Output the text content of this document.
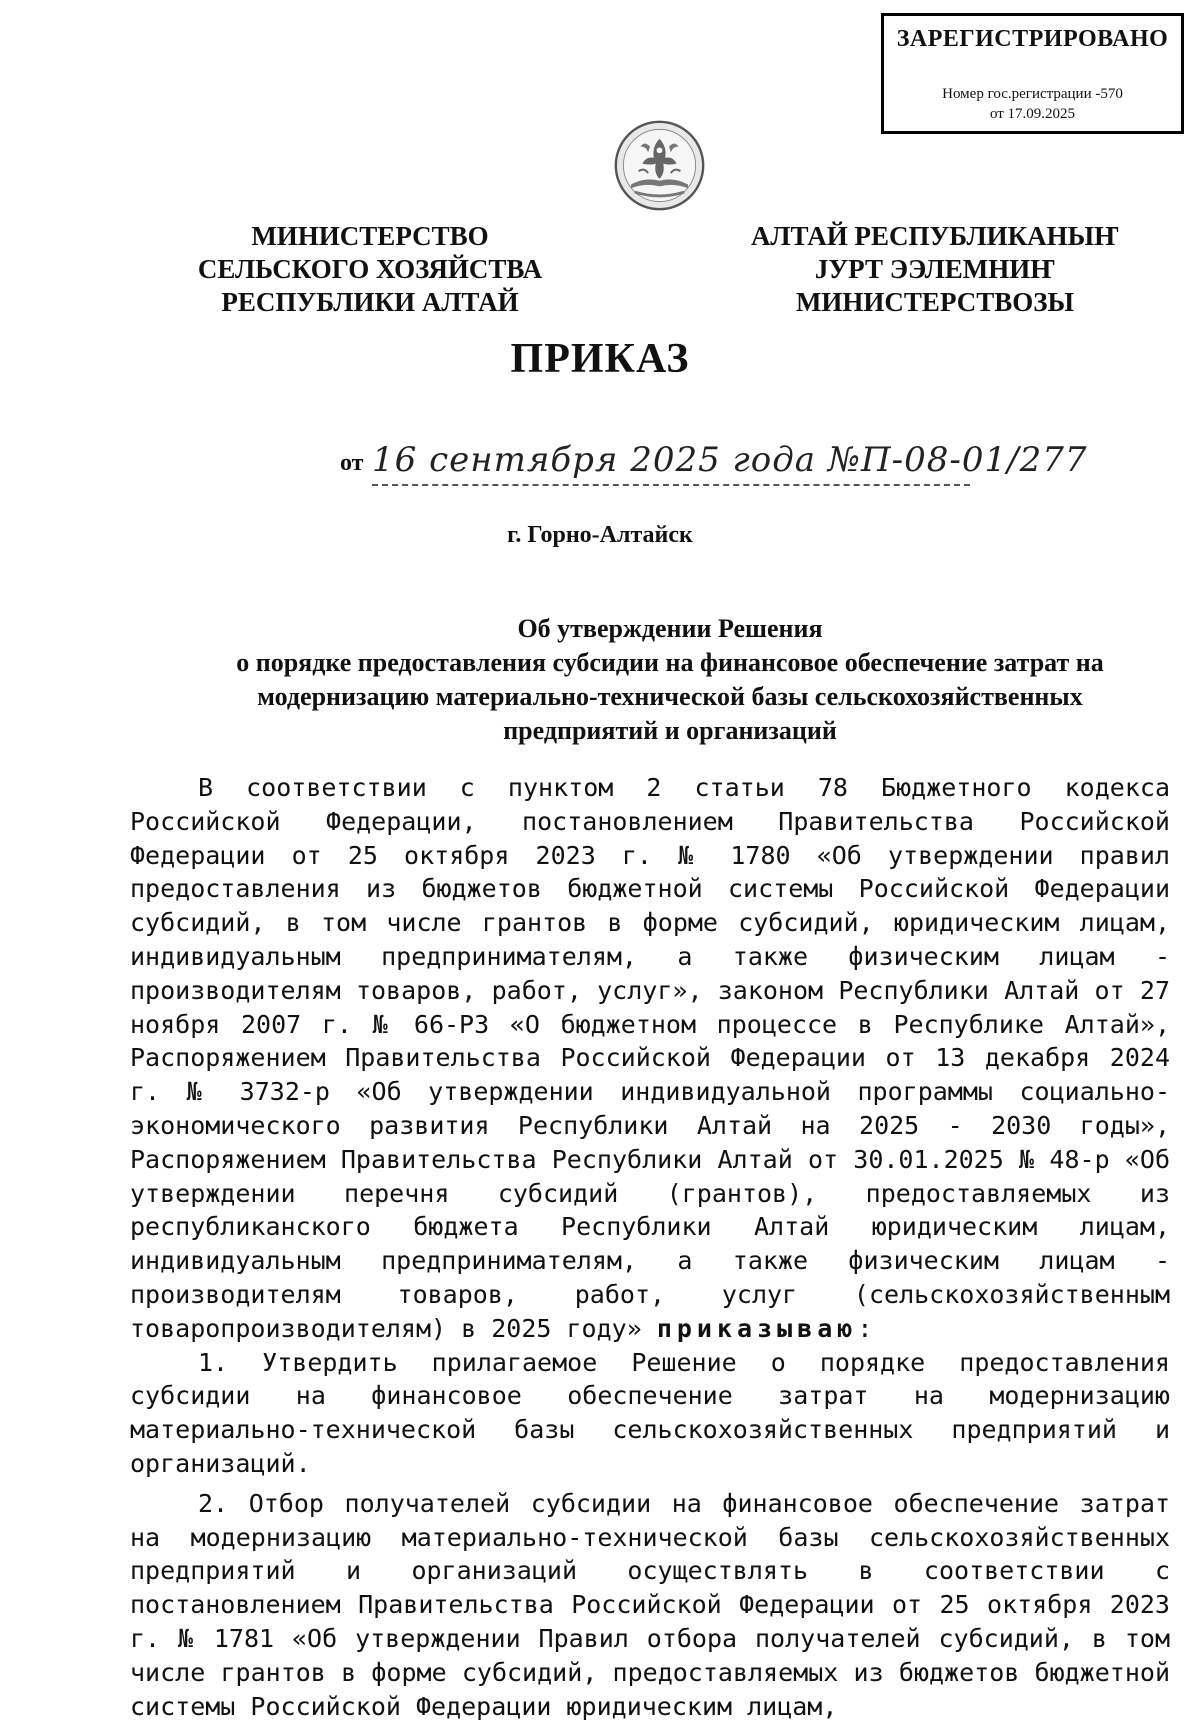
ЗАРЕГИСТРИРОВАНО
Номер гос.регистрации -570
от 17.09.2025
МИНИСТЕРСТВО
СЕЛЬСКОГО ХОЗЯЙСТВА
РЕСПУБЛИКИ АЛТАЙ
АЛТАЙ РЕСПУБЛИКАНЫҤ
ЈУРТ ЭЭЛЕМНИҤ
МИНИСТЕРСТВОЗЫ
ПРИКАЗ
от 16 сентября 2025 года №П-08-01/277
г. Горно-Алтайск
Об утверждении Решения
о порядке предоставления субсидии на финансовое обеспечение затрат на
модернизацию материально-технической базы сельскохозяйственных
предприятий и организаций

В соответствии с пунктом 2 статьи 78 Бюджетного кодекса Российской Федерации, постановлением Правительства Российской Федерации от 25 октября 2023 г. № 1780 «Об утверждении правил предоставления из бюджетов бюджетной системы Российской Федерации субсидий, в том числе грантов в форме субсидий, юридическим лицам, индивидуальным предпринимателям, а также физическим лицам - производителям товаров, работ, услуг», законом Республики Алтай от 27 ноября 2007 г. № 66-РЗ «О бюджетном процессе в Республике Алтай», Распоряжением Правительства Российской Федерации от 13 декабря 2024 г. № 3732-р «Об утверждении индивидуальной программы социально-экономического развития Республики Алтай на 2025 - 2030 годы», Распоряжением Правительства Республики Алтай от 30.01.2025 № 48-р «Об утверждении перечня субсидий (грантов), предоставляемых из республиканского бюджета Республики Алтай юридическим лицам, индивидуальным предпринимателям, а также физическим лицам - производителям товаров, работ, услуг (сельскохозяйственным товаропроизводителям) в 2025 году» приказываю:

1. Утвердить прилагаемое Решение о порядке предоставления субсидии на финансовое обеспечение затрат на модернизацию материально-технической базы сельскохозяйственных предприятий и организаций.

2. Отбор получателей субсидии на финансовое обеспечение затрат на модернизацию материально-технической базы сельскохозяйственных предприятий и организаций осуществлять в соответствии с постановлением Правительства Российской Федерации от 25 октября 2023 г. № 1781 «Об утверждении Правил отбора получателей субсидий, в том числе грантов в форме субсидий, предоставляемых из бюджетов бюджетной системы Российской Федерации юридическим лицам,
